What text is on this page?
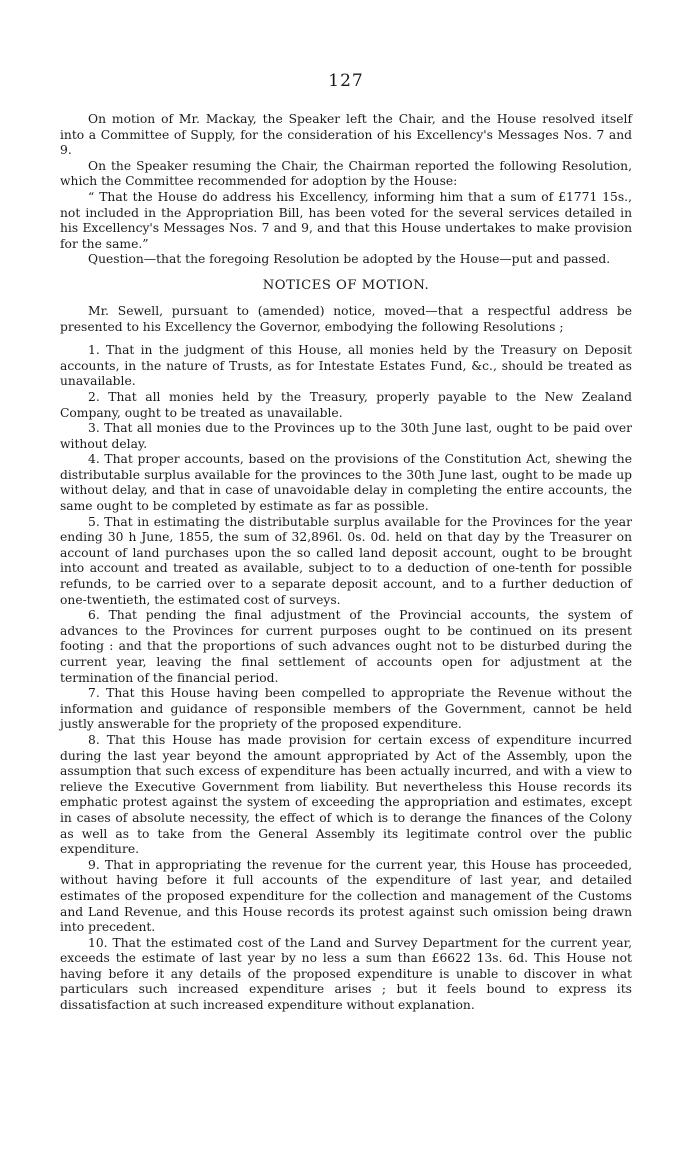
127

On motion of Mr. Mackay, the Speaker left the Chair, and the House resolved itself into a Committee of Supply, for the consideration of his Excellency's Messages Nos. 7 and 9.

On the Speaker resuming the Chair, the Chairman reported the following Resolution, which the Committee recommended for adoption by the House:

“ That the House do address his Excellency, informing him that a sum of £1771 15s., not included in the Appropriation Bill, has been voted for the several services detailed in his Excellency's Messages Nos. 7 and 9, and that this House undertakes to make provision for the same.”

Question—that the foregoing Resolution be adopted by the House—put and passed.

NOTICES OF MOTION.

Mr. Sewell, pursuant to (amended) notice, moved—that a respectful address be presented to his Excellency the Governor, embodying the following Resolutions ;

1. That in the judgment of this House, all monies held by the Treasury on Deposit accounts, in the nature of Trusts, as for Intestate Estates Fund, &c., should be treated as unavailable.

2. That all monies held by the Treasury, properly payable to the New Zealand Company, ought to be treated as unavailable.

3. That all monies due to the Provinces up to the 30th June last, ought to be paid over without delay.

4. That proper accounts, based on the provisions of the Constitution Act, shewing the distributable surplus available for the provinces to the 30th June last, ought to be made up without delay, and that in case of unavoidable delay in completing the entire accounts, the same ought to be completed by estimate as far as possible.

5. That in estimating the distributable surplus available for the Provinces for the year ending 30 h June, 1855, the sum of 32,896l. 0s. 0d. held on that day by the Treasurer on account of land purchases upon the so called land deposit account, ought to be brought into account and treated as available, subject to to a deduction of one-tenth for possible refunds, to be carried over to a separate deposit account, and to a further deduction of one-twentieth, the estimated cost of surveys.

6. That pending the final adjustment of the Provincial accounts, the system of advances to the Provinces for current purposes ought to be continued on its present footing : and that the proportions of such advances ought not to be disturbed during the current year, leaving the final settlement of accounts open for adjustment at the termination of the financial period.

7. That this House having been compelled to appropriate the Revenue without the information and guidance of responsible members of the Government, cannot be held justly answerable for the propriety of the proposed expenditure.

8. That this House has made provision for certain excess of expenditure incurred during the last year beyond the amount appropriated by Act of the Assembly, upon the assumption that such excess of expenditure has been actually incurred, and with a view to relieve the Executive Government from liability. But nevertheless this House records its emphatic protest against the system of exceeding the appropriation and estimates, except in cases of absolute necessity, the effect of which is to derange the finances of the Colony as well as to take from the General Assembly its legitimate control over the public expenditure.

9. That in appropriating the revenue for the current year, this House has proceeded, without having before it full accounts of the expenditure of last year, and detailed estimates of the proposed expenditure for the collection and management of the Customs and Land Revenue, and this House records its protest against such omission being drawn into precedent.

10. That the estimated cost of the Land and Survey Department for the current year, exceeds the estimate of last year by no less a sum than £6622 13s. 6d. This House not having before it any details of the proposed expenditure is unable to discover in what particulars such increased expenditure arises ; but it feels bound to express its dissatisfaction at such increased expenditure without explanation.
